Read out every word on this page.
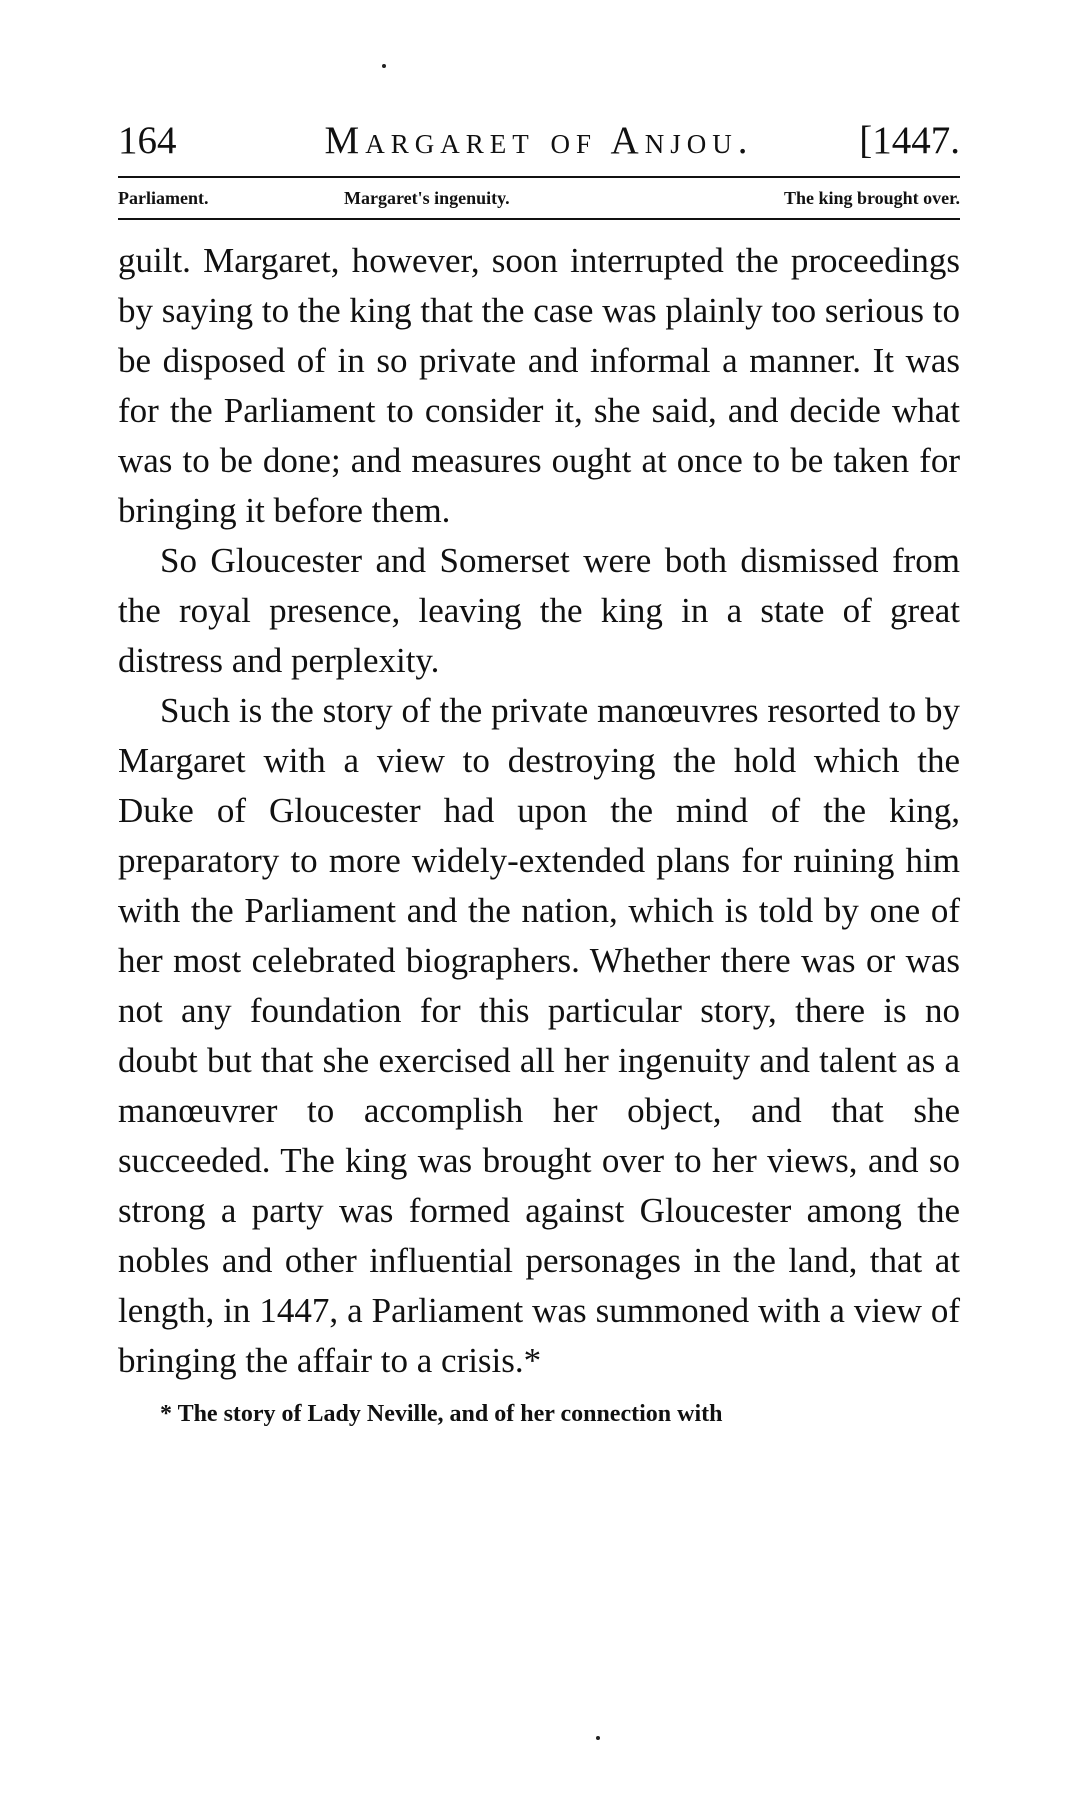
164	Margaret of Anjou.	[1447.
Parliament.	Margaret's ingenuity.	The king brought over.

guilt. Margaret, however, soon interrupted the proceedings by saying to the king that the case was plainly too serious to be disposed of in so private and informal a manner. It was for the Parliament to consider it, she said, and decide what was to be done; and measures ought at once to be taken for bringing it before them.

So Gloucester and Somerset were both dismissed from the royal presence, leaving the king in a state of great distress and perplexity.

Such is the story of the private manœuvres resorted to by Margaret with a view to destroying the hold which the Duke of Gloucester had upon the mind of the king, preparatory to more widely-extended plans for ruining him with the Parliament and the nation, which is told by one of her most celebrated biographers. Whether there was or was not any foundation for this particular story, there is no doubt but that she exercised all her ingenuity and talent as a manœuvrer to accomplish her object, and that she succeeded. The king was brought over to her views, and so strong a party was formed against Gloucester among the nobles and other influential personages in the land, that at length, in 1447, a Parliament was summoned with a view of bringing the affair to a crisis.*

* The story of Lady Neville, and of her connection with
